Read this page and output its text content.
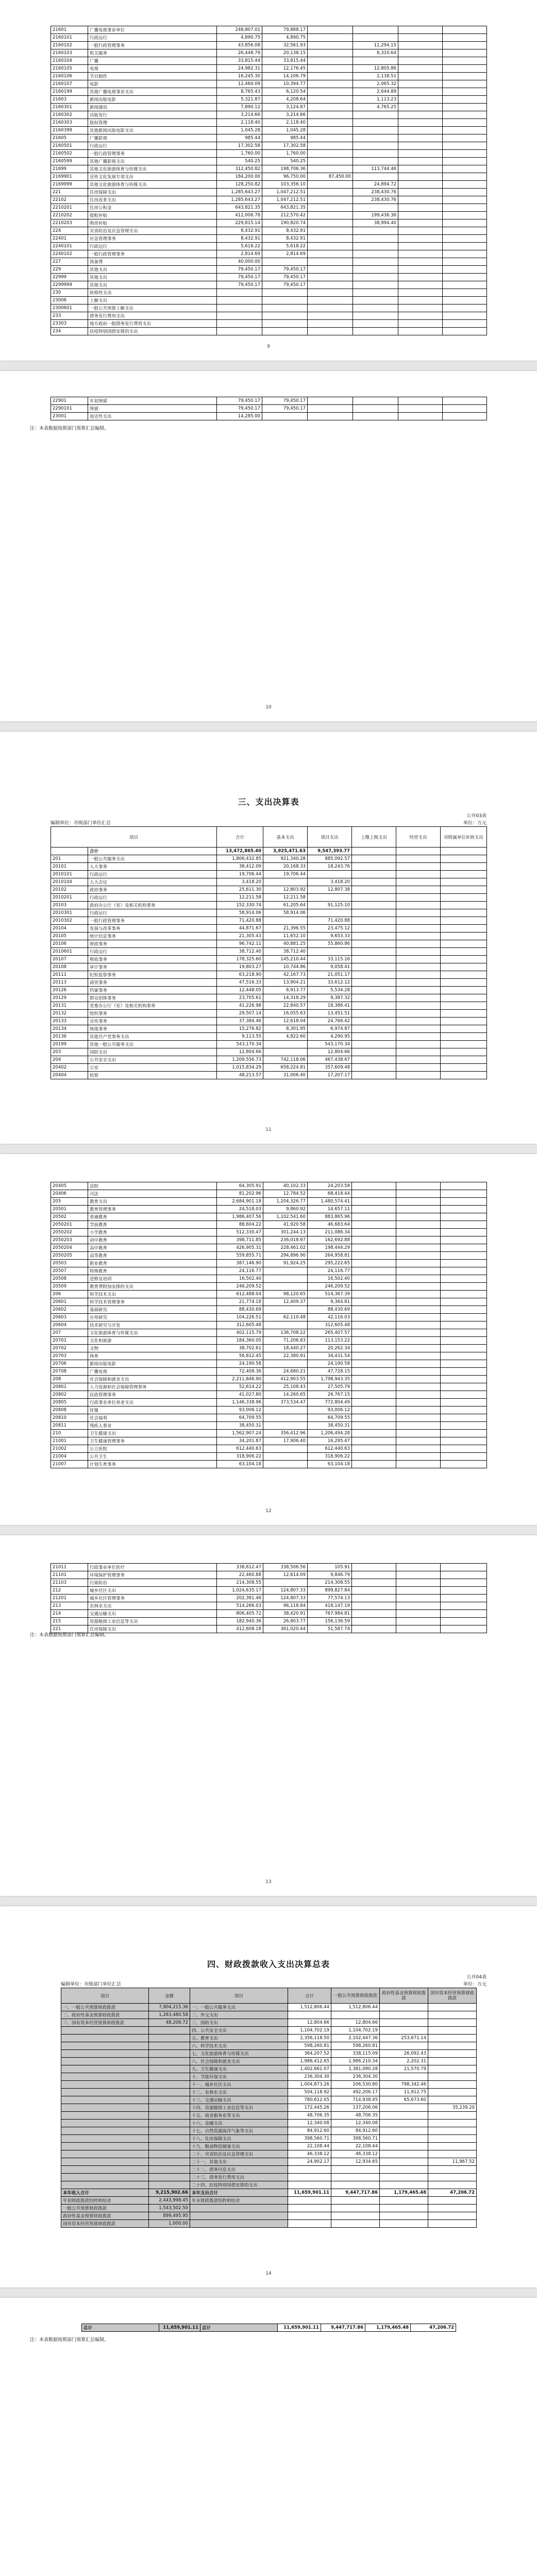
21601	广播电视事业单位	248,807.01	79,888.17				
2160101	行政运行	4,890.75	4,890.75				
2160102	一般行政管理事务	43,856.08	32,561.93		11,294.15		
2160103	机关服务	26,448.79	20,138.15		6,310.64		
2160104	广播	33,815.44	33,815.44				
2160105	电视	24,982.31	12,176.45		12,805.86		
2160106	节目制作	16,245.30	14,106.79		2,138.51		
2160107	电影	12,460.09	10,394.77		2,065.32		
2160199	其他广播电视事业支出	8,765.43	6,120.54		2,644.89		
21603	新闻出版电影	5,321.87	4,208.64		1,113.23		
2160301	新闻通讯	7,890.12	3,124.87		4,765.25		
2160302	出版发行	3,214.66	3,214.66				
2160303	版权管理	2,118.40	2,118.40				
2160399	其他新闻出版电影支出	1,045.28	1,045.28				
21605	广播影视	985.44	985.44				
2160501	行政运行	17,302.58	17,302.58				
2160502	一般行政管理事务	1,760.00	1,760.00				
2160599	其他广播影视支出	540.25	540.25				
21699	其他文化旅游体育与传媒支出	312,450.82	198,706.36		113,744.46		
2169901	宣传文化发展专项支出	184,200.00	96,750.00	87,450.00			
2169999	其他文化旅游体育与传媒支出	128,250.82	103,356.10		24,894.72		
221	住房保障支出	1,285,643.27	1,047,212.51		238,430.76		
22102	住房改革支出	1,285,643.27	1,047,212.51		238,430.76		
2210201	住房公积金	643,821.35	643,821.35				
2210202	提租补贴	412,006.78	212,570.42		199,436.36		
2210203	购房补贴	229,815.14	190,820.74		38,994.40		
224	灾害防治及应急管理支出	8,432.91	8,432.91				
22401	应急管理事务	8,432.91	8,432.91				
2240101	行政运行	5,618.22	5,618.22				
2240102	一般行政管理事务	2,814.69	2,814.69				
227	预备费	40,000.00					
229	其他支出	79,450.17	79,450.17				
22999	其他支出	79,450.17	79,450.17				
2299999	其他支出	79,450.17	79,450.17				
230	转移性支出						
23006	上解支出						
2300601	一般公共预算上解支出						
233	债务发行费用支出						
23303	地方政府一般债务发行费用支出						
234	抗疫特别国债安排的支出						
9
22901	年初预留	79,450.17	79,450.17				
2290101	预留	79,450.17	79,450.17				
23001	返还性支出	14,285.00					
注：本表数据按照部门预算汇总编制。
10
三、支出决算表
公开03表
编制单位：市级部门单位汇总	单位：万元
项目		合计	基本支出	项目支出	上缴上级支出	经营支出	对附属单位补助支出
	合计	13,472,865.40	3,925,471.63	9,547,393.77			
201	一般公共服务支出	1,806,432.85	921,340.28	885,092.57			
20101	人大事务	38,412.09	20,168.33	18,243.76			
2010101	行政运行	19,706.44	19,706.44				
2010104	人大会议	3,418.20		3,418.20			
20102	政协事务	25,611.30	12,803.92	12,807.38			
2010201	行政运行	12,211.58	12,211.58				
20103	政府办公厅（室）及相关机构事务	152,330.74	61,205.64	91,125.10			
2010301	行政运行	58,914.06	58,914.06				
2010302	一般行政管理事务	71,420.88		71,420.88			
20104	发展与改革事务	44,871.67	21,396.55	23,475.12			
20105	统计信息事务	21,305.43	11,652.10	9,653.33			
20106	财政事务	96,742.11	40,881.25	55,860.86			
2010601	行政运行	38,712.40	38,712.40				
20107	税收事务	178,325.60	145,210.44	33,115.16			
20108	审计事务	19,803.27	10,744.86	9,058.41			
20111	纪检监察事务	63,218.90	42,167.73	21,051.17			
20113	商贸事务	47,516.33	13,904.21	33,612.12			
20126	档案事务	12,448.05	6,913.77	5,534.28			
20129	群众团体事务	23,705.61	14,318.29	9,387.32			
20131	党委办公厅（室）及相关机构事务	41,226.98	22,840.57	18,386.41			
20132	组织事务	29,507.14	16,055.63	13,451.51			
20133	宣传事务	37,384.46	12,618.04	24,766.42			
20134	统战事务	15,276.82	8,301.95	6,974.87			
20136	其他共产党事务支出	9,113.55	4,822.60	4,290.95			
20199	其他一般公共服务支出	543,170.34		543,170.34			
203	国防支出	12,804.66		12,804.66			
204	公共安全支出	1,209,556.73	742,118.06	467,438.67			
20402	公安	1,015,834.29	658,224.81	357,609.48			
20404	检察	48,213.57	31,006.40	17,207.17			
11
20405	法院	64,305.91	40,102.33	24,203.58			
20406	司法	81,202.96	12,784.52	68,418.44			
205	教育支出	2,684,901.18	1,204,326.77	1,480,574.41			
20501	教育管理事务	24,518.03	9,860.92	14,657.11			
20502	普通教育	1,986,407.56	1,102,541.60	883,865.96			
2050201	学前教育	88,604.22	41,920.58	46,683.64			
2050202	小学教育	512,330.47	301,244.13	211,086.34			
2050203	初中教育	398,711.85	236,018.97	162,692.88			
2050204	高中教育	426,905.31	228,461.02	198,444.29			
2050205	高等教育	559,855.71	294,896.90	264,958.81			
20503	职业教育	387,146.90	91,924.25	295,222.65			
20507	特殊教育	24,116.77		24,116.77			
20508	进修及培训	16,502.40		16,502.40			
20509	教育费附加安排的支出	246,209.52		246,209.52			
206	科学技术支出	612,488.04	98,120.65	514,367.39			
20601	科学技术管理事务	21,774.18	12,409.37	9,364.81			
20602	基础研究	88,430.69		88,430.69			
20603	应用研究	104,226.51	62,110.48	42,116.03			
20604	技术研究与开发	312,605.48		312,605.48			
207	文化旅游体育与传媒支出	402,115.79	136,708.22	265,407.57			
20701	文化和旅游	184,360.05	71,206.83	113,153.22			
20702	文物	38,702.61	18,440.27	20,262.34			
20703	体育	56,812.45	22,380.91	34,431.54			
20706	新闻出版电影	24,190.58		24,190.58			
20708	广播电视	72,408.36	24,680.21	47,728.15			
208	社会保障和就业支出	2,211,846.90	412,903.55	1,798,943.35			
20801	人力资源和社会保障管理事务	52,614.22	25,108.43	27,505.79			
20802	民政管理事务	41,027.80	14,260.65	26,767.15			
20805	行政事业单位养老支出	1,146,338.96	373,534.47	772,804.49			
20808	抚恤	93,006.12		93,006.12			
20810	社会福利	64,709.55		64,709.55			
20811	残疾人事业	38,450.31		38,450.31			
210	卫生健康支出	1,562,907.24	356,412.96	1,206,494.28			
21001	卫生健康管理事务	34,201.87	17,906.40	16,295.47			
21002	公立医院	612,440.63		612,440.63			
21004	公共卫生	318,906.22		318,906.22			
21007	计划生育事务	63,104.18		63,104.18			
12
21011	行政事业单位医疗	338,612.47	338,506.56	105.91			
21101	环境保护管理事务	22,460.88	12,614.09	9,846.79			
21103	污染防治	214,308.55		214,308.55			
212	城乡社区支出	1,024,635.17	124,807.33	899,827.84			
21201	城乡社区管理事务	202,381.46	124,807.33	77,574.13			
213	农林水支出	514,266.03	96,118.84	418,147.19			
214	交通运输支出	806,405.72	38,420.91	767,984.81			
215	资源勘探工业信息等支出	182,940.36	26,803.77	156,136.59			
221	住房保障支出	412,608.18	361,020.44	51,587.74			
注：本表数据按照部门预算汇总编制。
13
四、财政拨款收入支出决算总表
公开04表
编制单位：市级部门单位汇总	单位：万元
项目	金额	项目	合计	一般公共预算财政拨款	政府性基金预算财政拨款	国有资本经营预算财政拨款
一、一般公共预算财政拨款	7,904,215.36	一、一般公共服务支出	1,512,806.44	1,512,806.44		
二、政府性基金预算财政拨款	1,263,480.58	二、外交支出				
三、国有资本经营预算财政拨款	48,206.72	三、国防支出	12,804.66	12,804.66		
		四、公共安全支出	1,104,702.19	1,104,702.19		
		五、教育支出	2,356,118.50	2,102,447.36	253,671.14	
		六、科学技术支出	598,260.81	598,260.81		
		七、文化旅游体育与传媒支出	364,207.52	338,115.09	26,092.43	
		八、社会保障和就业支出	1,988,412.65	1,986,210.34	2,202.31	
		九、卫生健康支出	1,402,661.07	1,381,090.28	21,570.79	
		十、节能环保支出	236,304.30	236,304.30		
		十一、城乡社区支出	1,004,873.26	206,530.80	798,342.46	
		十二、农林水支出	504,118.92	492,206.17	11,912.75	
		十三、交通运输支出	780,612.05	714,938.45	65,673.60	
		十四、资源勘探工业信息等支出	172,445.26	137,206.06		35,239.20
		十五、商业服务业等支出	48,706.35	48,706.35		
		十六、金融支出	12,340.08	12,340.08		
		十七、自然资源海洋气象等支出	84,912.60	84,912.60		
		十八、住房保障支出	398,560.71	398,560.71		
		十九、粮油物资储备支出	22,108.44	22,108.44		
		二十、灾害防治及应急管理支出	46,338.12	46,338.12		
		二十一、其他支出	24,902.17	12,934.65		11,967.52
		二十二、债务付息支出				
		二十三、债务发行费用支出				
		二十四、抗疫特别国债安排的支出				
本年收入合计	9,215,902.66	本年支出合计	11,659,901.11	9,447,717.86	1,179,465.48	47,206.72
年初财政拨款结转和结余	2,443,998.45	年末财政拨款结转和结余				
一般公共预算财政拨款	1,543,502.50					
政府性基金预算财政拨款	899,495.95					
国有资本经营预算财政拨款	1,000.00					
14
总计	11,659,901.11	总计	11,659,901.11	9,447,717.86	1,179,465.48	47,206.72
注：本表数据按照部门预算汇总编制。
